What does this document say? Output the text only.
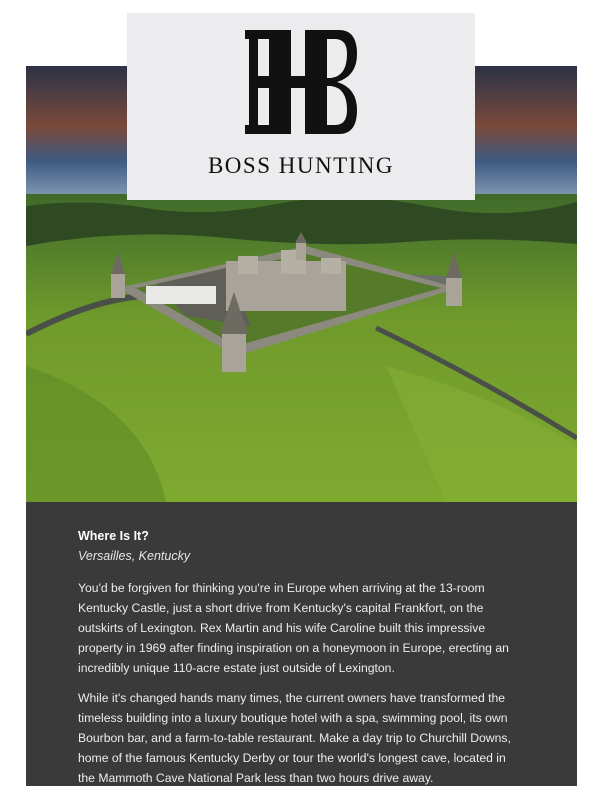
BOSS HUNTING
Where Is It?
Versailles, Kentucky
You'd be forgiven for thinking you're in Europe when arriving at the 13-room Kentucky Castle, just a short drive from Kentucky's capital Frankfort, on the outskirts of Lexington. Rex Martin and his wife Caroline built this impressive property in 1969 after finding inspiration on a honeymoon in Europe, erecting an incredibly unique 110-acre estate just outside of Lexington.
While it's changed hands many times, the current owners have transformed the timeless building into a luxury boutique hotel with a spa, swimming pool, its own Bourbon bar, and a farm-to-table restaurant. Make a day trip to Churchill Downs, home of the famous Kentucky Derby or tour the world's longest cave, located in the Mammoth Cave National Park less than two hours drive away.
